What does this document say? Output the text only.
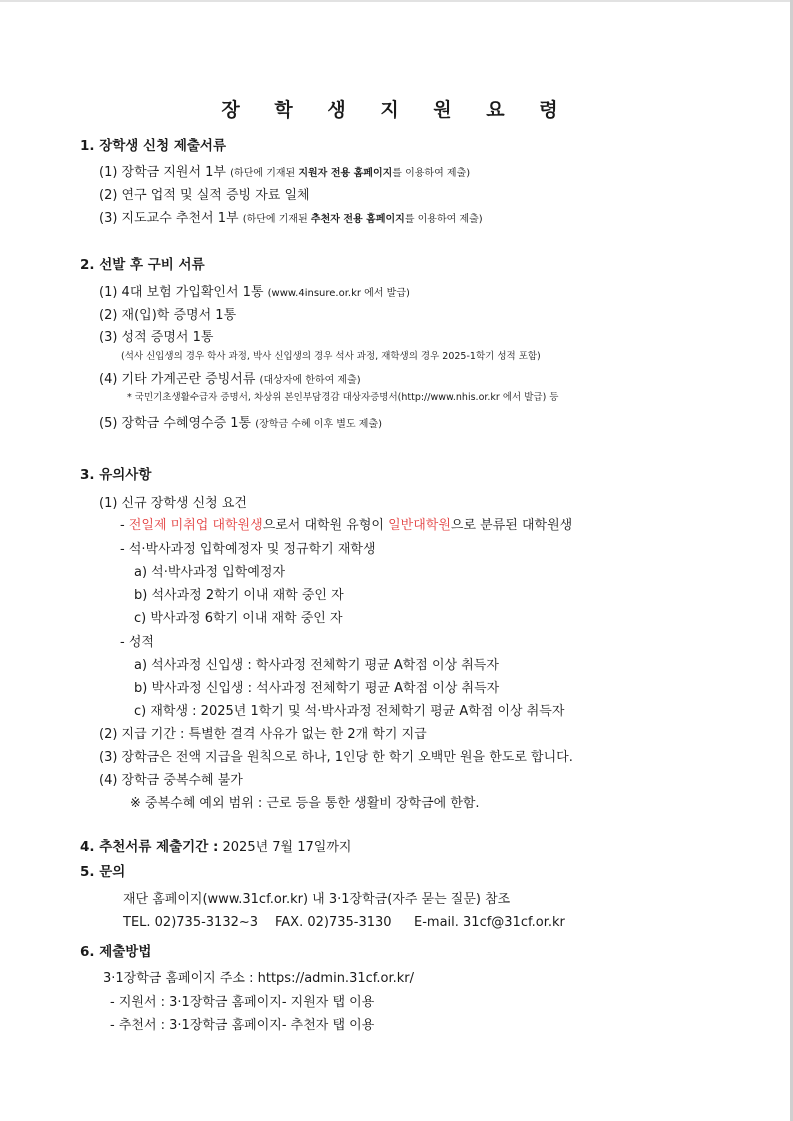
장 학 생 지 원 요 령
1. 장학생 신청 제출서류
(1) 장학금 지원서 1부 (하단에 기재된 지원자 전용 홈페이지를 이용하여 제출)
(2) 연구 업적 및 실적 증빙 자료 일체
(3) 지도교수 추천서 1부 (하단에 기재된 추천자 전용 홈페이지를 이용하여 제출)
2. 선발 후 구비 서류
(1) 4대 보험 가입확인서 1통 (www.4insure.or.kr 에서 발급)
(2) 재(입)학 증명서 1통
(3) 성적 증명서 1통
(석사 신입생의 경우 학사 과정, 박사 신입생의 경우 석사 과정, 재학생의 경우 2025-1학기 성적 포함)
(4) 기타 가계곤란 증빙서류 (대상자에 한하여 제출)
* 국민기초생활수급자 증명서, 차상위 본인부담경감 대상자증명서(http://www.nhis.or.kr 에서 발급) 등
(5) 장학금 수혜영수증 1통 (장학금 수혜 이후 별도 제출)
3. 유의사항
(1) 신규 장학생 신청 요건
- 전일제 미취업 대학원생으로서 대학원 유형이 일반대학원으로 분류된 대학원생
- 석·박사과정 입학예정자 및 정규학기 재학생
a) 석·박사과정 입학예정자
b) 석사과정 2학기 이내 재학 중인 자
c) 박사과정 6학기 이내 재학 중인 자
- 성적
a) 석사과정 신입생 : 학사과정 전체학기 평균 A학점 이상 취득자
b) 박사과정 신입생 : 석사과정 전체학기 평균 A학점 이상 취득자
c) 재학생 : 2025년 1학기 및 석·박사과정 전체학기 평균 A학점 이상 취득자
(2) 지급 기간 : 특별한 결격 사유가 없는 한 2개 학기 지급
(3) 장학금은 전액 지급을 원칙으로 하나, 1인당 한 학기 오백만 원을 한도로 합니다.
(4) 장학금 중복수혜 불가
※ 중복수혜 예외 범위 : 근로 등을 통한 생활비 장학금에 한함.
4. 추천서류 제출기간 : 2025년 7월 17일까지
5. 문의
재단 홈페이지(www.31cf.or.kr) 내 3·1장학금(자주 묻는 질문) 참조
TEL. 02)735-3132~3 FAX. 02)735-3130 E-mail. 31cf@31cf.or.kr
6. 제출방법
3·1장학금 홈페이지 주소 : https://admin.31cf.or.kr/
- 지원서 : 3·1장학금 홈페이지- 지원자 탭 이용
- 추천서 : 3·1장학금 홈페이지- 추천자 탭 이용
